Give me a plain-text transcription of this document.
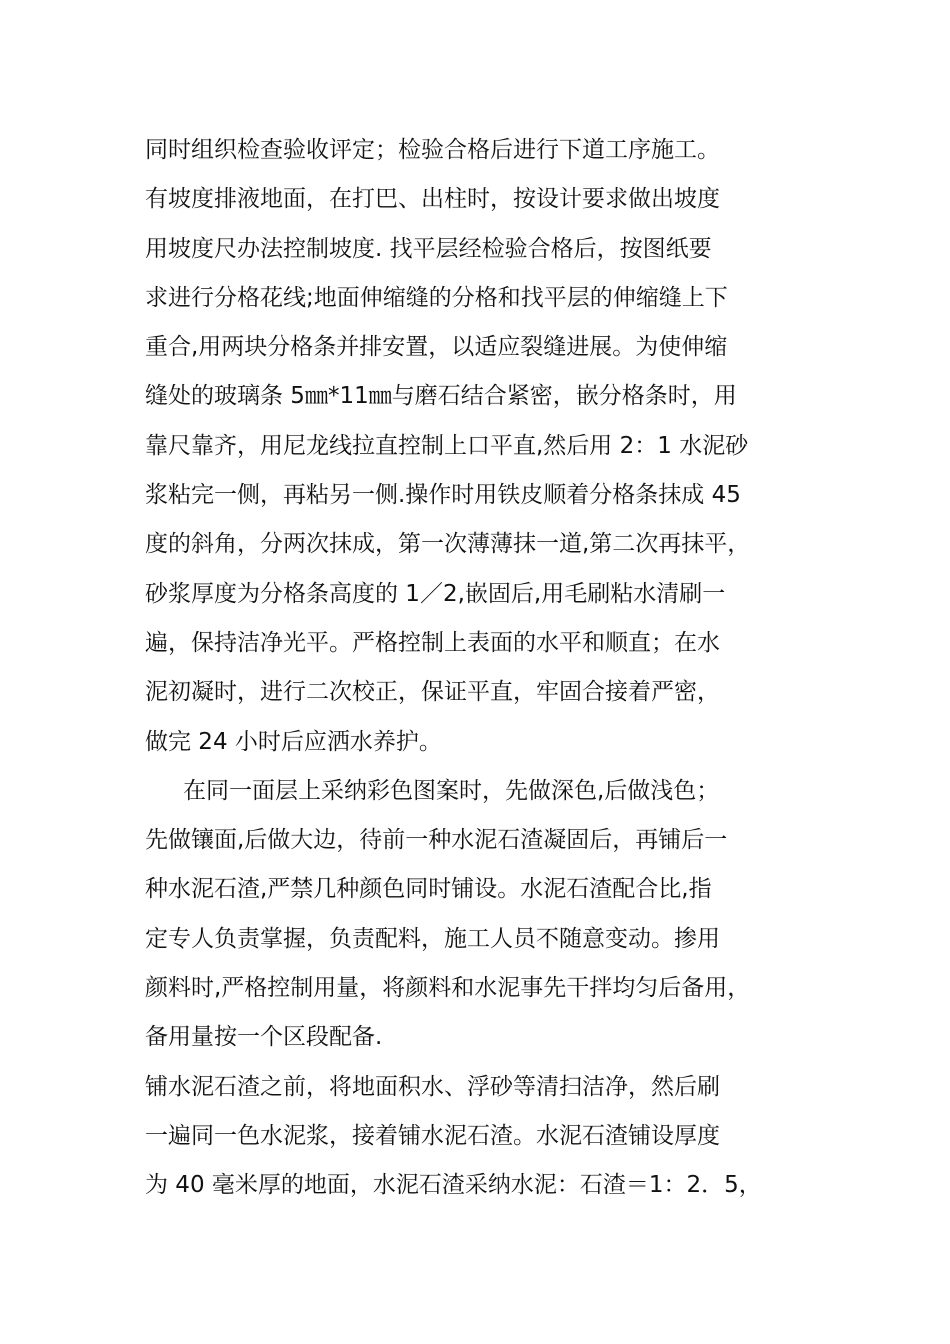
同时组织检查验收评定；检验合格后进行下道工序施工。
有坡度排液地面，在打巴、出柱时，按设计要求做出坡度
用坡度尺办法控制坡度. 找平层经检验合格后，按图纸要
求进行分格花线;地面伸缩缝的分格和找平层的伸缩缝上下
重合,用两块分格条并排安置，以适应裂缝进展。为使伸缩
缝处的玻璃条 5㎜*11㎜与磨石结合紧密，嵌分格条时，用
靠尺靠齐，用尼龙线拉直控制上口平直,然后用 2：1 水泥砂
浆粘完一侧，再粘另一侧.操作时用铁皮顺着分格条抹成 45
度的斜角，分两次抹成，第一次薄薄抹一道,第二次再抹平，
砂浆厚度为分格条高度的 1／2,嵌固后,用毛刷粘水清刷一
遍，保持洁净光平。严格控制上表面的水平和顺直；在水
泥初凝时，进行二次校正，保证平直，牢固合接着严密，
做完 24 小时后应洒水养护。
在同一面层上采纳彩色图案时，先做深色,后做浅色；
先做镶面,后做大边，待前一种水泥石渣凝固后，再铺后一
种水泥石渣,严禁几种颜色同时铺设。水泥石渣配合比,指
定专人负责掌握，负责配料，施工人员不随意变动。掺用
颜料时,严格控制用量，将颜料和水泥事先干拌均匀后备用，
备用量按一个区段配备.
铺水泥石渣之前，将地面积水、浮砂等清扫洁净，然后刷
一遍同一色水泥浆，接着铺水泥石渣。水泥石渣铺设厚度
为 40 毫米厚的地面，水泥石渣采纳水泥：石渣＝1：2．5，
